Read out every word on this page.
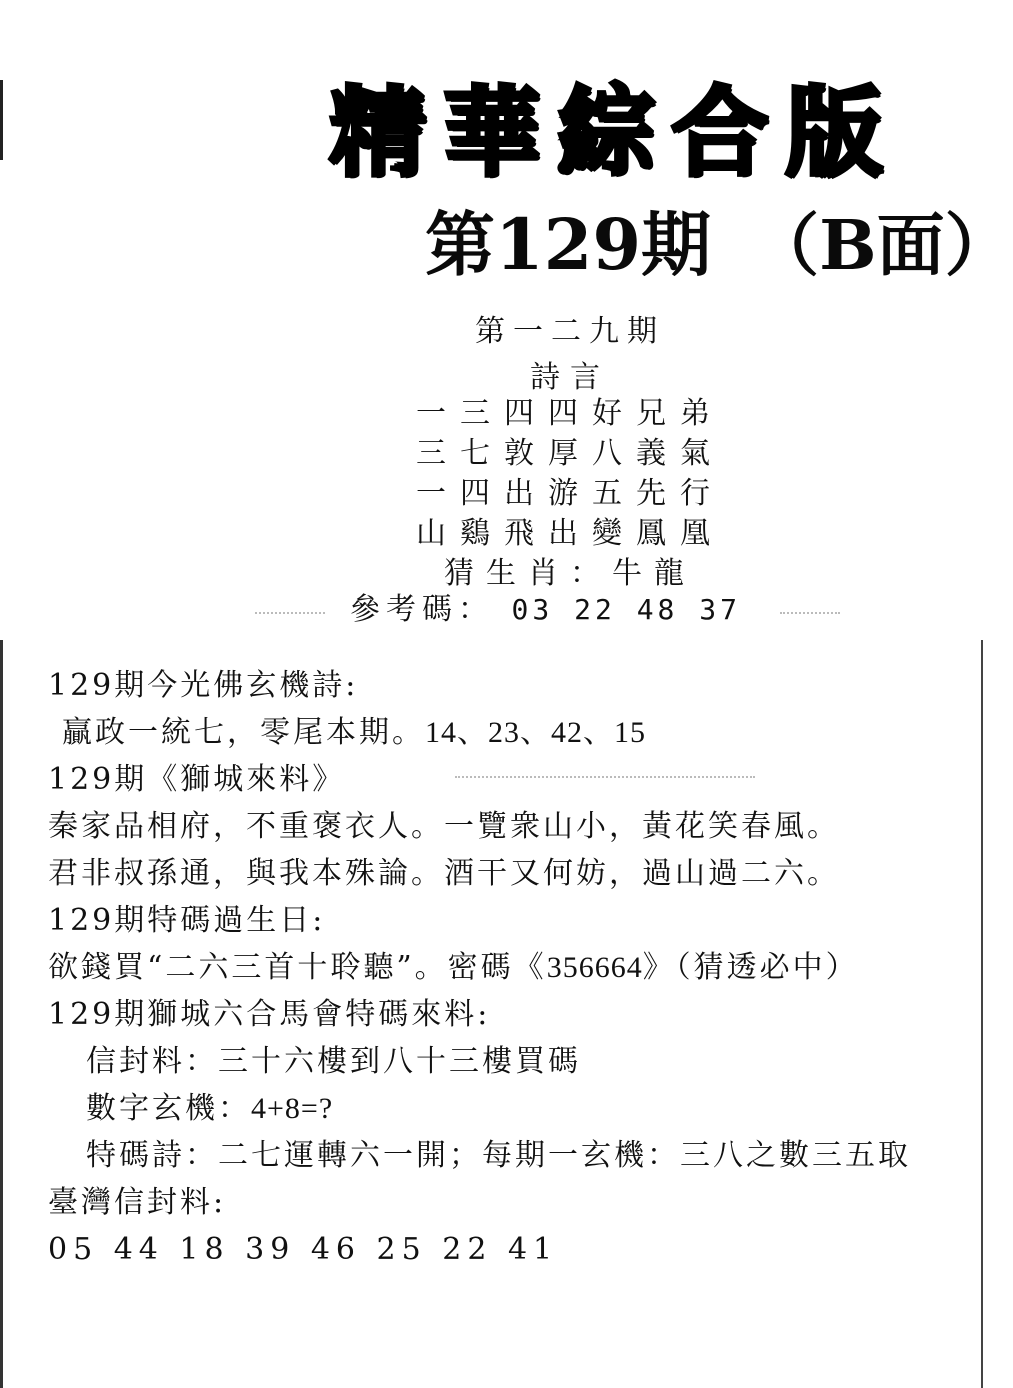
精華綜合版
第129期 （B面）
第一二九期
詩言
一三四四好兄弟
三七敦厚八義氣
一四出游五先行
山鷄飛出變鳳凰
猜生肖：牛龍
參考碼： 03 22 48 37
129期今光佛玄機詩:
贏政一統七，零尾本期。14、23、42、15
129期《獅城來料》
秦家品相府，不重褒衣人。一覽衆山小，黃花笑春風。
君非叔孫通，與我本殊論。酒干又何妨，過山過二六。
129期特碼過生日:
欲錢買“二六三首十聆聽”。密碼《356664》（猜透必中）
129期獅城六合馬會特碼來料:
信封料：三十六樓到八十三樓買碼
數字玄機：4+8=?
特碼詩：二七運轉六一開；每期一玄機：三八之數三五取
臺灣信封料:
05 44 18 39 46 25 22 41
